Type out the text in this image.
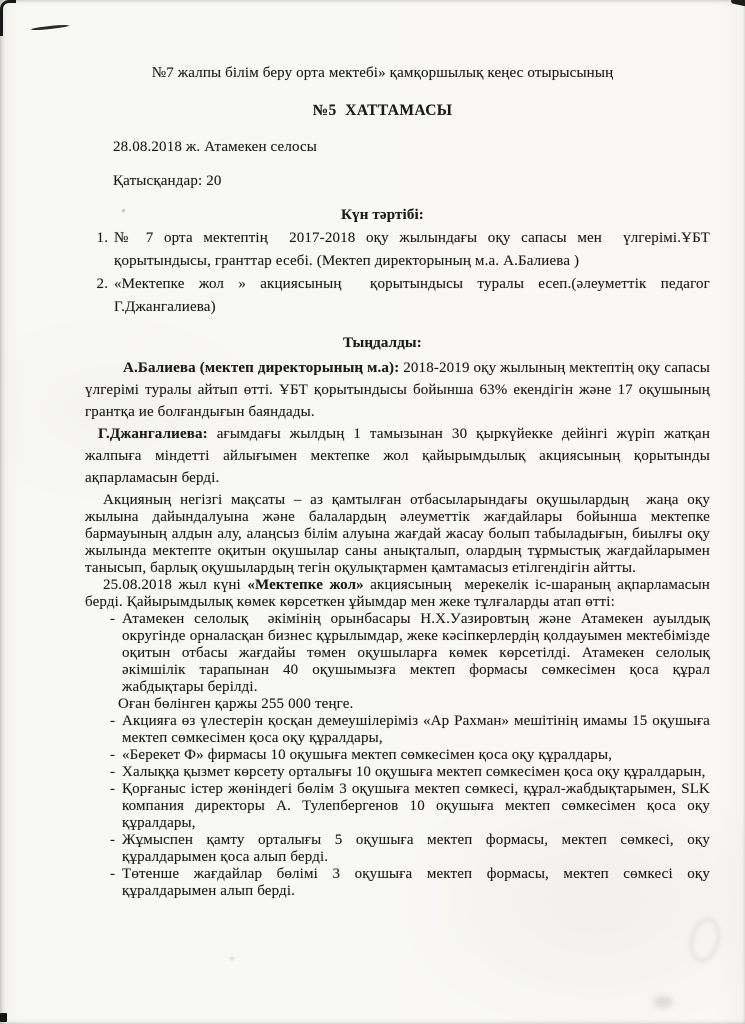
№7 жалпы білім беру орта мектебі» қамқоршылық кеңес отырысының
№5  ХАТТАМАСЫ
28.08.2018 ж. Атамекен селосы
Қатысқандар: 20
Күн тәртібі:
1. № 7 орта мектептің  2017-2018 оқу жылындағы оқу сапасы мен  үлгерімі.ҰБТ қорытындысы, гранттар есебі. (Мектеп директорының м.а. А.Балиева )
2. «Мектепке жол » акциясының  қорытындысы туралы есеп.(әлеуметтік педагог Г.Джангалиева)
Тыңдалды:

А.Балиева (мектеп директорының м.а): 2018-2019 оқу жылының мектептің оқу сапасы үлгерімі туралы айтып өтті. ҰБТ қорытындысы бойынша 63% екендігін және 17 оқушының грантқа ие болғандығын баяндады.

Г.Джангалиева: ағымдағы жылдың 1 тамызынан 30 қыркүйекке дейінгі жүріп жатқан жалпыға міндетті айлығымен мектепке жол қайырымдылық акциясының қорытынды ақпарламасын берді.

Акцияның негізгі мақсаты – аз қамтылған отбасыларындағы оқушылардың  жаңа оқу жылына дайындалуына және балалардың әлеуметтік жағдайлары бойынша мектепке бармауының алдын алу, алаңсыз білім алуына жағдай жасау болып табыладығын, биылғы оқу жылында мектепте оқитын оқушылар саны анықталып, олардың тұрмыстық жағдайларымен танысып, барлық оқушылардың тегін оқулықтармен қамтамасыз етілгендігін айтты.

25.08.2018 жыл күні «Мектепке жол» акциясының  мерекелік іс-шараның ақпарламасын берді. Қайырымдылық көмек көрсеткен ұйымдар мен жеке тұлғаларды атап өтті:

- Атамекен селолық  әкімінің орынбасары Н.Х.Уазировтың және Атамекен ауылдық округінде орналасқан бизнес құрылымдар, жеке кәсіпкерлердің қолдауымен мектебімізде оқитын отбасы жағдайы төмен оқушыларға көмек көрсетілді. Атамекен селолық әкімшілік тарапынан 40 оқушымызға мектеп формасы сөмкесімен қоса құрал жабдықтары берілді.
Оған бөлінген қаржы 255 000 теңге.
- Акцияға өз үлестерін қосқан демеушілеріміз «Ар Рахман» мешітінің имамы 15 оқушыға мектеп сөмкесімен қоса оқу құралдары,
- «Берекет Ф» фирмасы 10 оқушыға мектеп сөмкесімен қоса оқу құралдары,
- Халыққа қызмет көрсету орталығы 10 оқушыға мектеп сөмкесімен қоса оқу құралдарын,
- Қорғаныс істер жөніндегі бөлім 3 оқушыға мектеп сөмкесі, құрал-жабдықтарымен, SLK компания директоры А. Тулепбергенов 10 оқушыға мектеп сөмкесімен қоса оқу құралдары,
- Жұмыспен қамту орталығы 5 оқушыға мектеп формасы, мектеп сөмкесі, оқу құралдарымен қоса алып берді.
- Төтенше жағдайлар бөлімі 3 оқушыға мектеп формасы, мектеп сөмкесі оқу құралдарымен алып берді.
